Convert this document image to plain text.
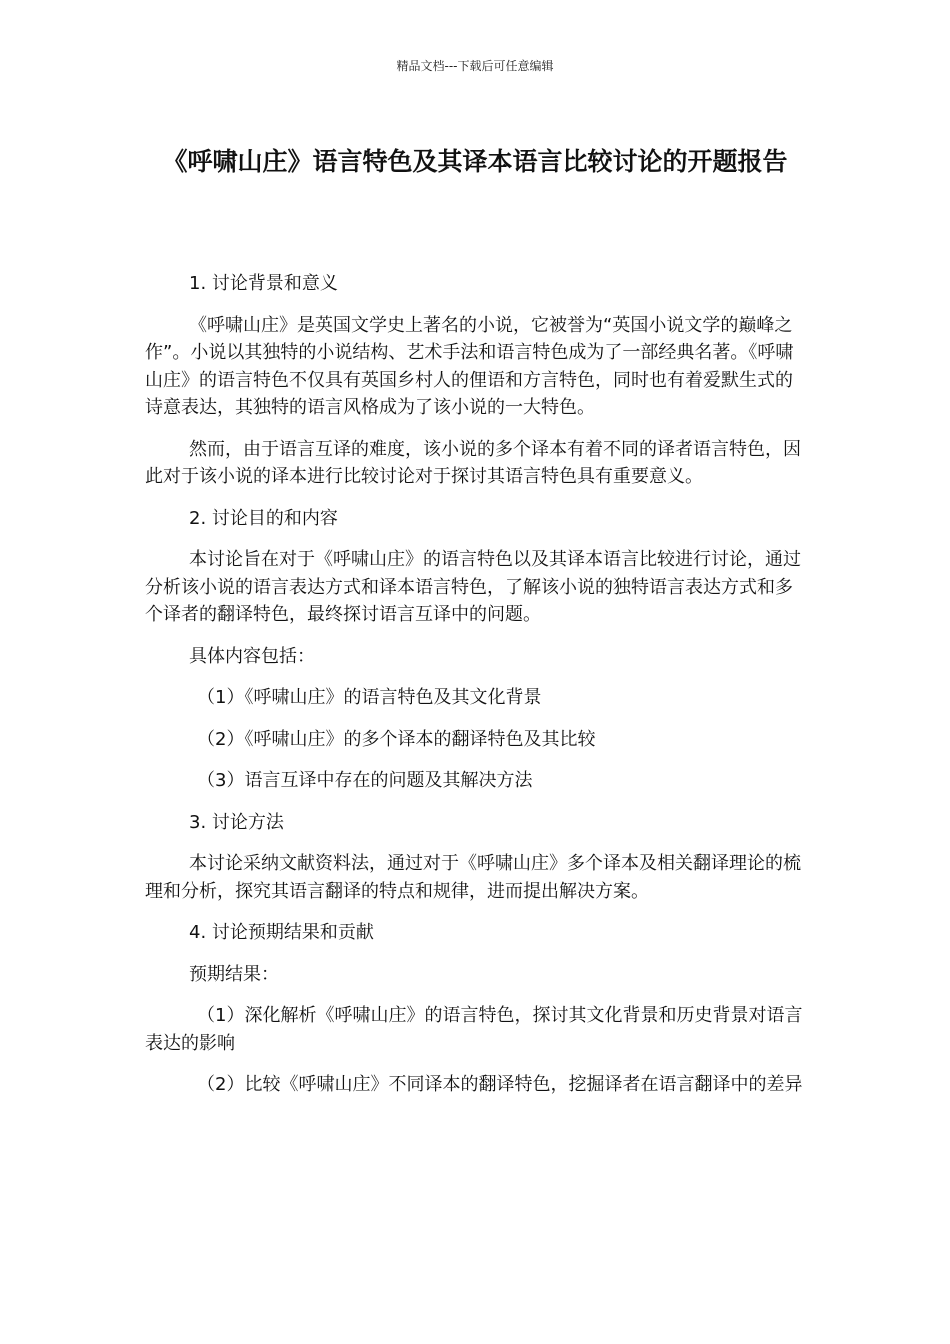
精品文档---下载后可任意编辑
《呼啸山庄》语言特色及其译本语言比较讨论的开题报告

1. 讨论背景和意义

《呼啸山庄》是英国文学史上著名的小说，它被誉为“英国小说文学的巅峰之作”。小说以其独特的小说结构、艺术手法和语言特色成为了一部经典名著。《呼啸山庄》的语言特色不仅具有英国乡村人的俚语和方言特色，同时也有着爱默生式的诗意表达，其独特的语言风格成为了该小说的一大特色。

然而，由于语言互译的难度，该小说的多个译本有着不同的译者语言特色，因此对于该小说的译本进行比较讨论对于探讨其语言特色具有重要意义。

2. 讨论目的和内容

本讨论旨在对于《呼啸山庄》的语言特色以及其译本语言比较进行讨论，通过分析该小说的语言表达方式和译本语言特色，了解该小说的独特语言表达方式和多个译者的翻译特色，最终探讨语言互译中的问题。

具体内容包括：

（1）《呼啸山庄》的语言特色及其文化背景

（2）《呼啸山庄》的多个译本的翻译特色及其比较

（3）语言互译中存在的问题及其解决方法

3. 讨论方法

本讨论采纳文献资料法，通过对于《呼啸山庄》多个译本及相关翻译理论的梳理和分析，探究其语言翻译的特点和规律，进而提出解决方案。

4. 讨论预期结果和贡献

预期结果：

（1）深化解析《呼啸山庄》的语言特色，探讨其文化背景和历史背景对语言表达的影响

（2）比较《呼啸山庄》不同译本的翻译特色，挖掘译者在语言翻译中的差异
